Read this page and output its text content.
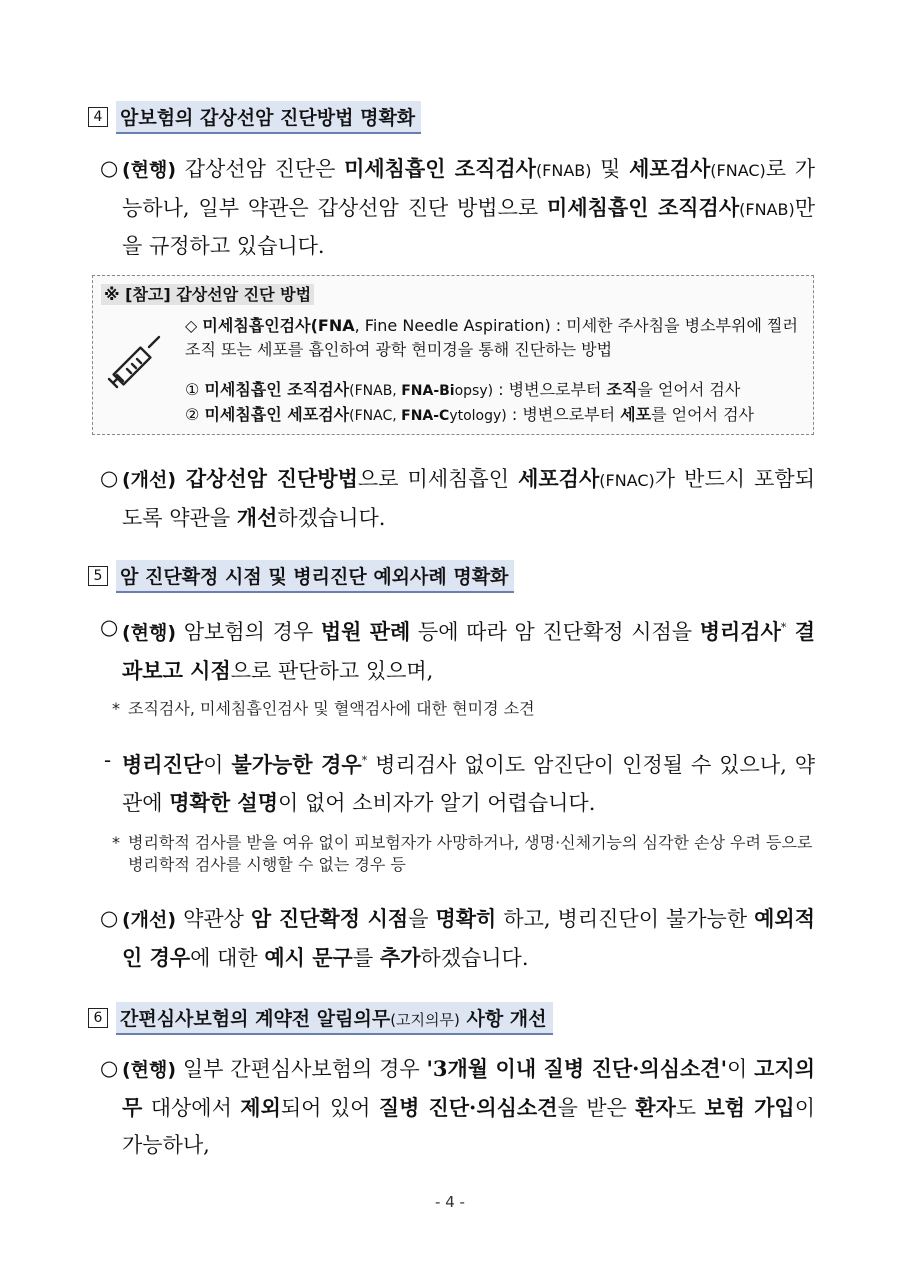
4 암보험의 갑상선암 진단방법 명확화
○ (현행) 갑상선암 진단은 미세침흡인 조직검사(FNAB) 및 세포검사(FNAC)로 가능하나, 일부 약관은 갑상선암 진단 방법으로 미세침흡인 조직검사(FNAB)만을 규정하고 있습니다.
※ [참고] 갑상선암 진단 방법
◇ 미세침흡인검사(FNA, Fine Needle Aspiration) : 미세한 주사침을 병소부위에 찔러 조직 또는 세포를 흡인하여 광학 현미경을 통해 진단하는 방법
① 미세침흡인 조직검사(FNAB, FNA-Biopsy) : 병변으로부터 조직을 얻어서 검사
② 미세침흡인 세포검사(FNAC, FNA-Cytology) : 병변으로부터 세포를 얻어서 검사
○ (개선) 갑상선암 진단방법으로 미세침흡인 세포검사(FNAC)가 반드시 포함되도록 약관을 개선하겠습니다.
5 암 진단확정 시점 및 병리진단 예외사례 명확화
○ (현행) 암보험의 경우 법원 판례 등에 따라 암 진단확정 시점을 병리검사* 결과보고 시점으로 판단하고 있으며,
* 조직검사, 미세침흡인검사 및 혈액검사에 대한 현미경 소견
- 병리진단이 불가능한 경우* 병리검사 없이도 암진단이 인정될 수 있으나, 약관에 명확한 설명이 없어 소비자가 알기 어렵습니다.
* 병리학적 검사를 받을 여유 없이 피보험자가 사망하거나, 생명·신체기능의 심각한 손상 우려 등으로 병리학적 검사를 시행할 수 없는 경우 등
○ (개선) 약관상 암 진단확정 시점을 명확히 하고, 병리진단이 불가능한 예외적인 경우에 대한 예시 문구를 추가하겠습니다.
6 간편심사보험의 계약전 알림의무(고지의무) 사항 개선
○ (현행) 일부 간편심사보험의 경우 '3개월 이내 질병 진단·의심소견'이 고지의무 대상에서 제외되어 있어 질병 진단·의심소견을 받은 환자도 보험 가입이 가능하나,
- 4 -
